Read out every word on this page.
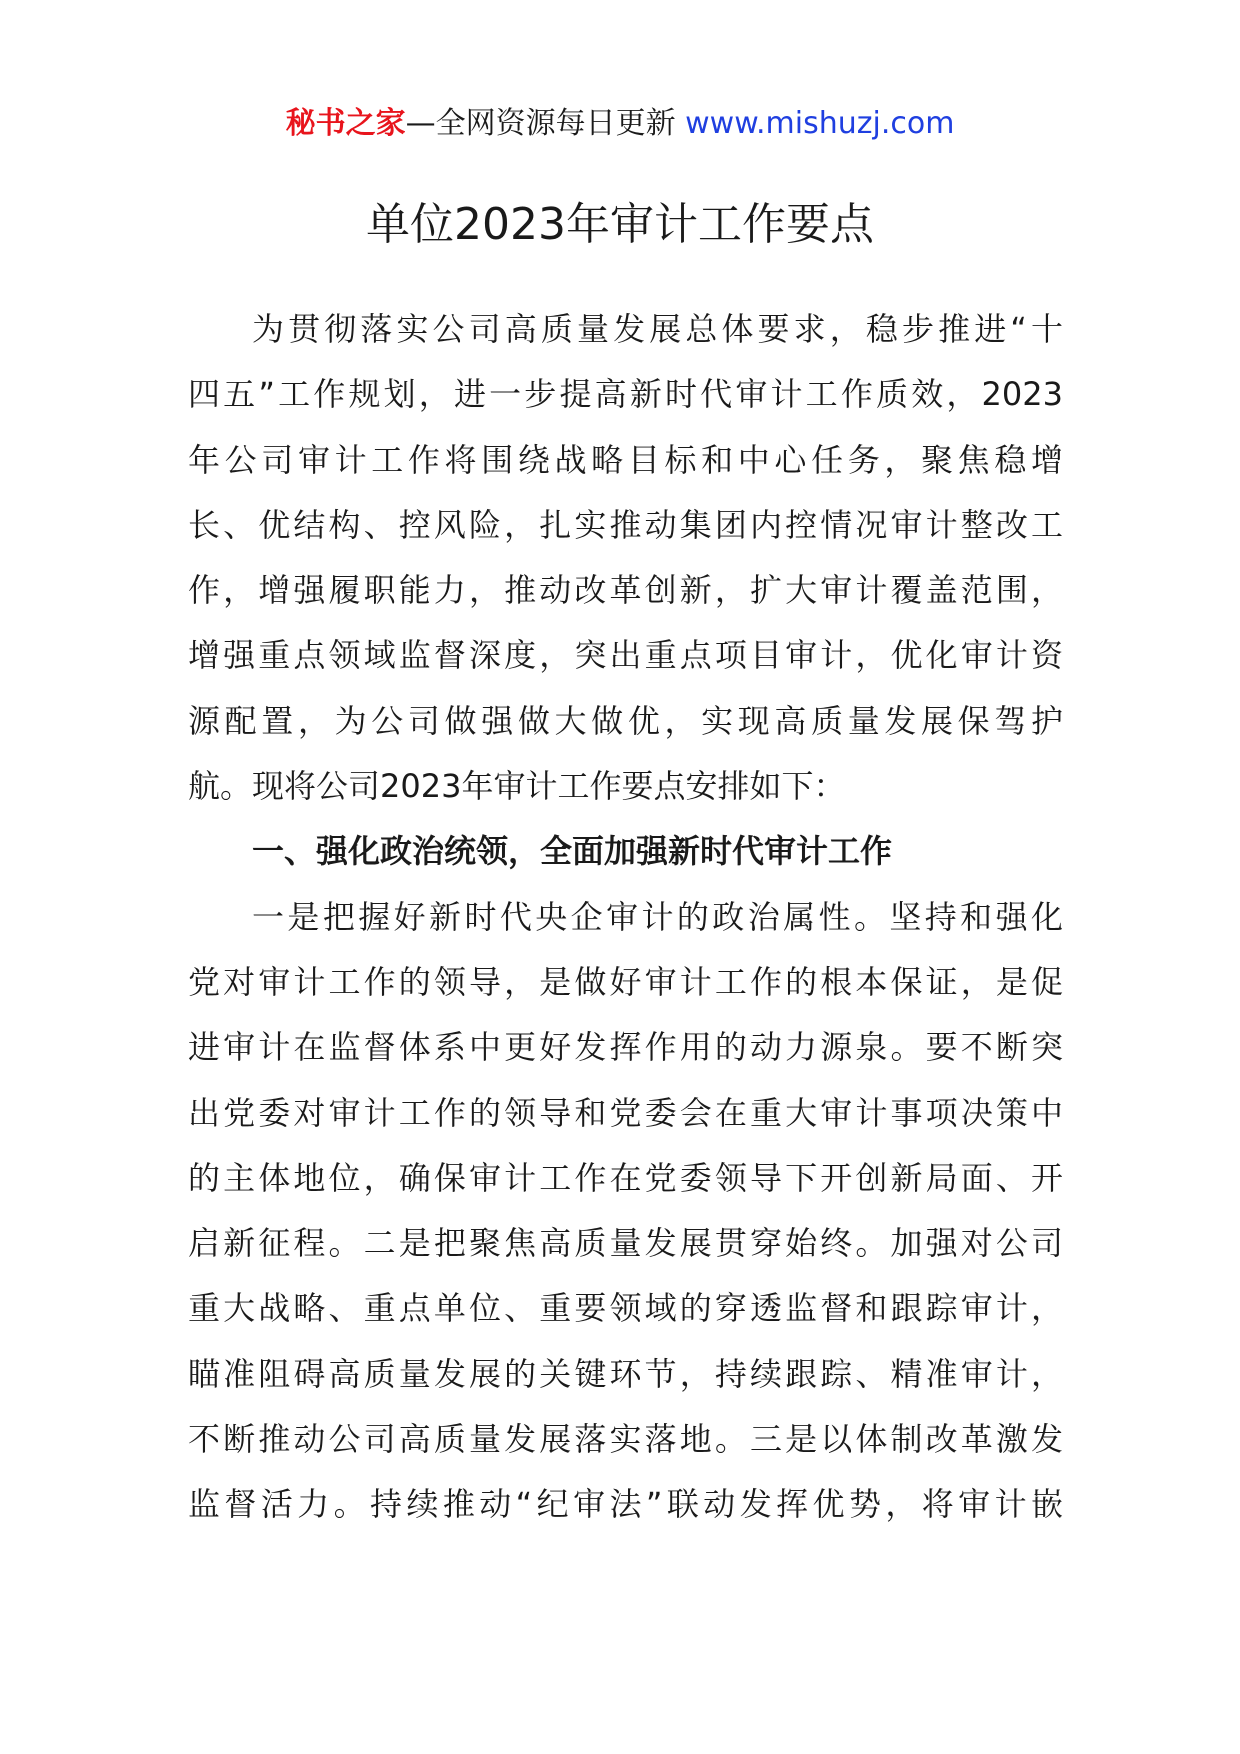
秘书之家—全网资源每日更新 www.mishuzj.com
单位2023年审计工作要点
为贯彻落实公司高质量发展总体要求，稳步推进“十
四五”工作规划，进一步提高新时代审计工作质效，2023
年公司审计工作将围绕战略目标和中心任务，聚焦稳增
长、优结构、控风险，扎实推动集团内控情况审计整改工
作，增强履职能力，推动改革创新，扩大审计覆盖范围，
增强重点领域监督深度，突出重点项目审计，优化审计资
源配置，为公司做强做大做优，实现高质量发展保驾护
航。现将公司2023年审计工作要点安排如下：
一、强化政治统领，全面加强新时代审计工作
一是把握好新时代央企审计的政治属性。坚持和强化
党对审计工作的领导，是做好审计工作的根本保证，是促
进审计在监督体系中更好发挥作用的动力源泉。要不断突
出党委对审计工作的领导和党委会在重大审计事项决策中
的主体地位，确保审计工作在党委领导下开创新局面、开
启新征程。二是把聚焦高质量发展贯穿始终。加强对公司
重大战略、重点单位、重要领域的穿透监督和跟踪审计，
瞄准阻碍高质量发展的关键环节，持续跟踪、精准审计，
不断推动公司高质量发展落实落地。三是以体制改革激发
监督活力。持续推动“纪审法”联动发挥优势，将审计嵌
